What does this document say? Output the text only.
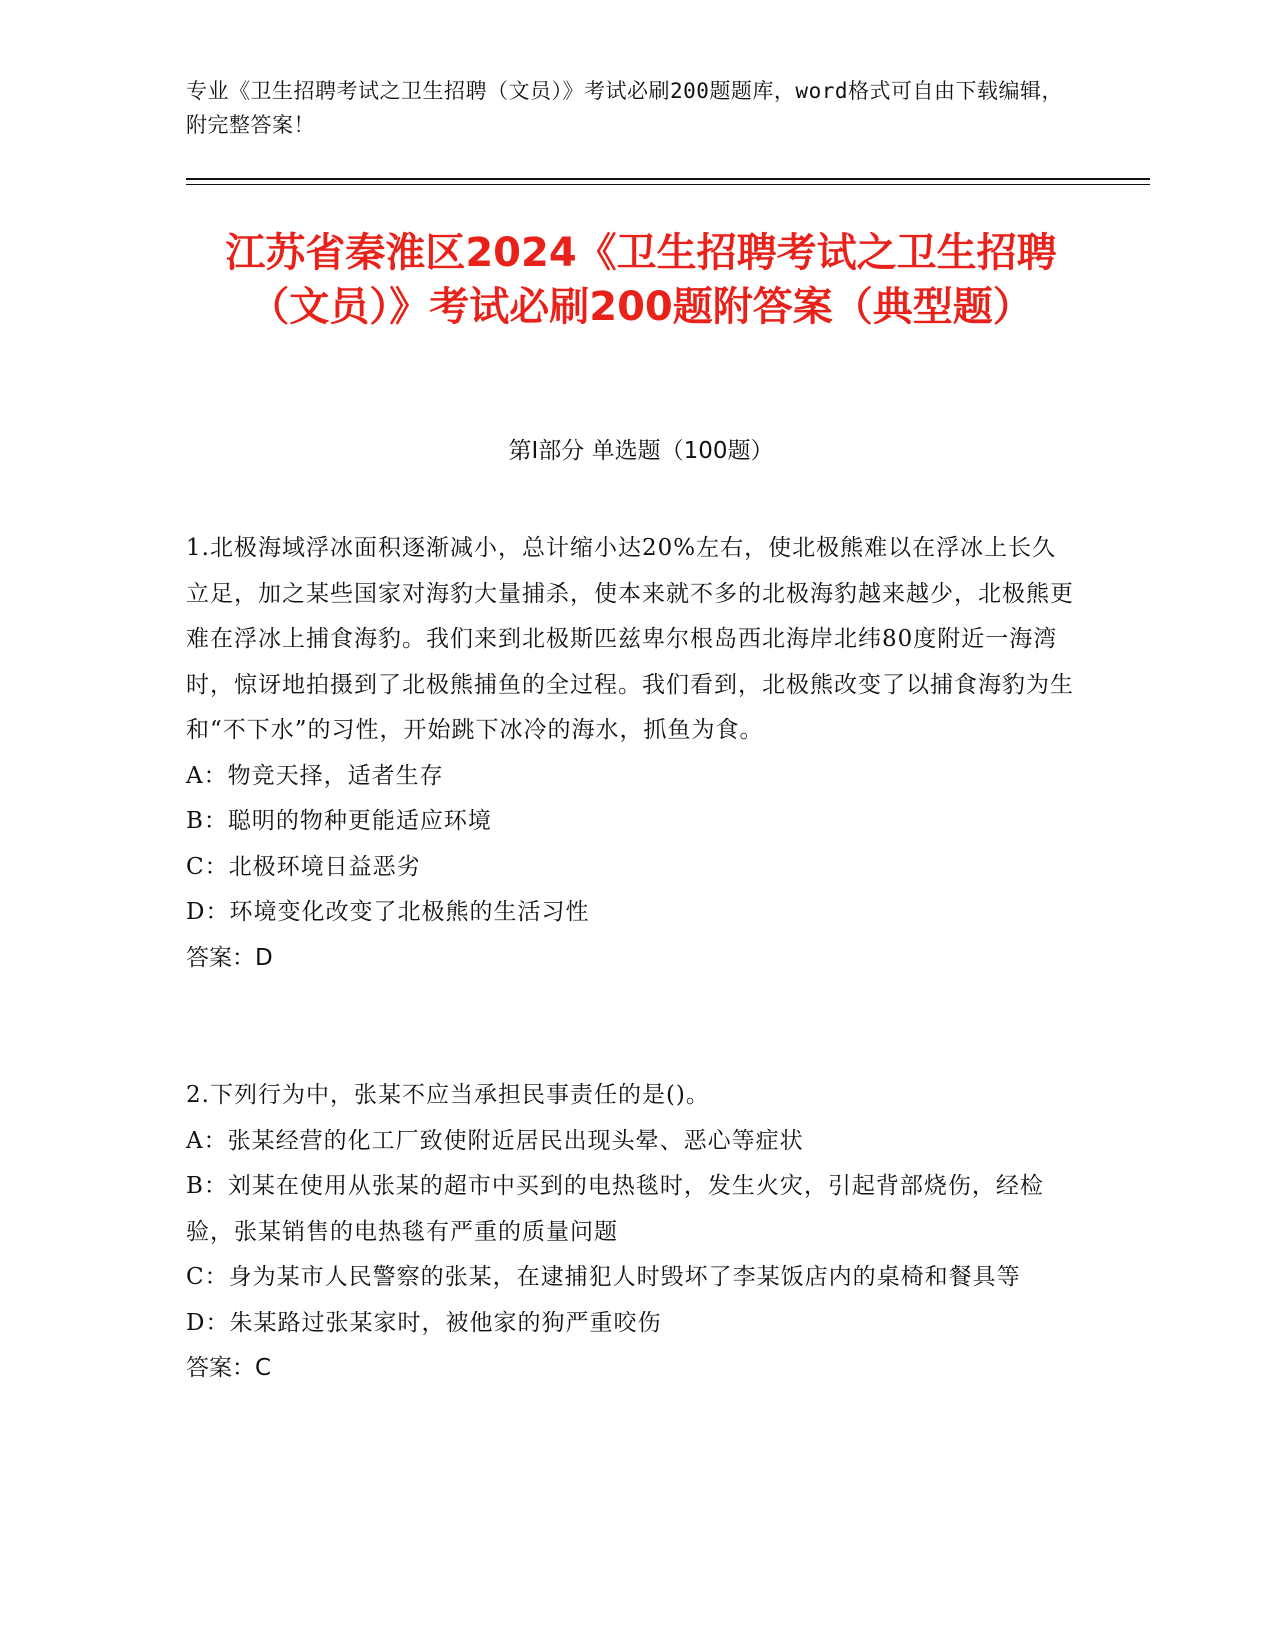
专业《卫生招聘考试之卫生招聘（文员）》考试必刷200题题库，word格式可自由下载编辑，附完整答案！
江苏省秦淮区2024《卫生招聘考试之卫生招聘（文员）》考试必刷200题附答案（典型题）
第Ⅰ部分 单选题（100题）

1.北极海域浮冰面积逐渐减小，总计缩小达20%左右，使北极熊难以在浮冰上长久立足，加之某些国家对海豹大量捕杀，使本来就不多的北极海豹越来越少，北极熊更难在浮冰上捕食海豹。我们来到北极斯匹兹卑尔根岛西北海岸北纬80度附近一海湾时，惊讶地拍摄到了北极熊捕鱼的全过程。我们看到，北极熊改变了以捕食海豹为生和“不下水”的习性，开始跳下冰冷的海水，抓鱼为食。

A：物竞天择，适者生存

B：聪明的物种更能适应环境

C：北极环境日益恶劣

D：环境变化改变了北极熊的生活习性

答案：D

2.下列行为中，张某不应当承担民事责任的是()。

A：张某经营的化工厂致使附近居民出现头晕、恶心等症状

B：刘某在使用从张某的超市中买到的电热毯时，发生火灾，引起背部烧伤，经检验，张某销售的电热毯有严重的质量问题

C：身为某市人民警察的张某，在逮捕犯人时毁坏了李某饭店内的桌椅和餐具等

D：朱某路过张某家时，被他家的狗严重咬伤

答案：C
